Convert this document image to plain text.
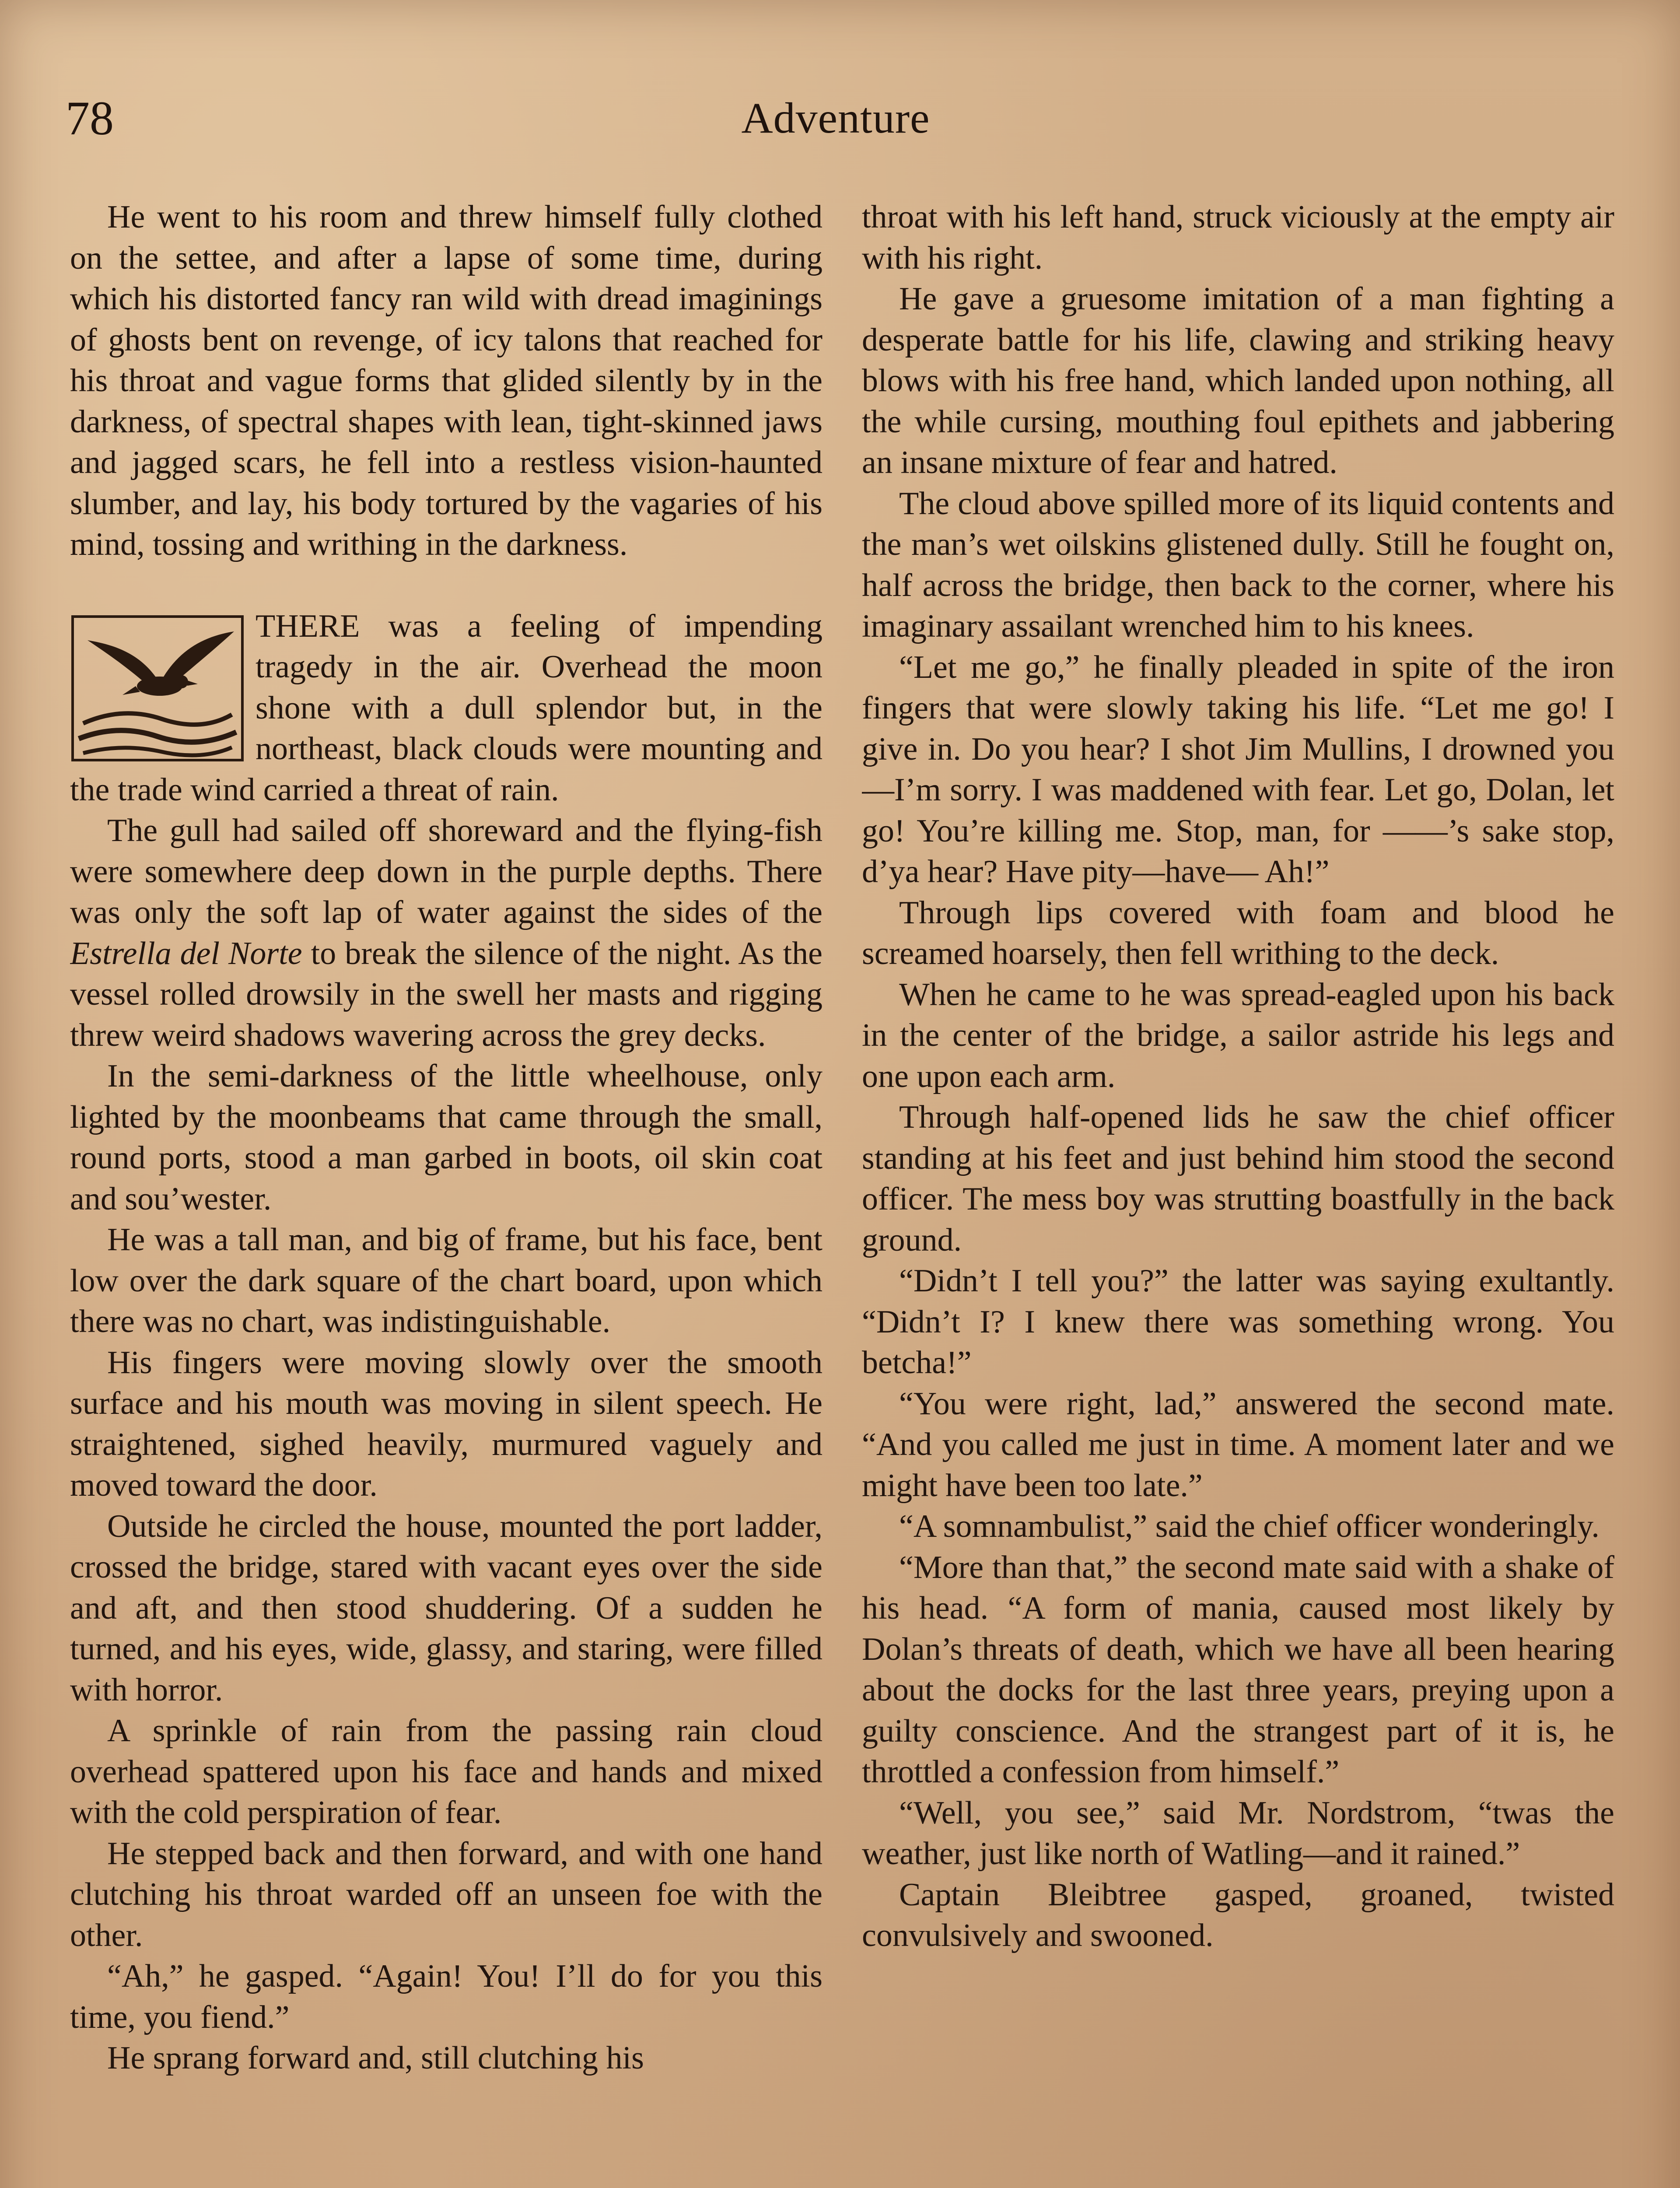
78	Adventure

He went to his room and threw himself fully clothed on the settee, and after a lapse of some time, during which his distorted fancy ran wild with dread imaginings of ghosts bent on revenge, of icy talons that reached for his throat and vague forms that glided silently by in the darkness, of spectral shapes with lean, tight-skinned jaws and jagged scars, he fell into a restless vision-haunted slumber, and lay, his body tortured by the vagaries of his mind, tossing and writhing in the darkness.

THERE was a feeling of impending tragedy in the air. Overhead the moon shone with a dull splendor but, in the northeast, black clouds were mounting and the trade wind carried a threat of rain.

The gull had sailed off shoreward and the flying-fish were somewhere deep down in the purple depths. There was only the soft lap of water against the sides of the Estrella del Norte to break the silence of the night. As the vessel rolled drowsily in the swell her masts and rigging threw weird shadows wavering across the grey decks.

In the semi-darkness of the little wheelhouse, only lighted by the moonbeams that came through the small, round ports, stood a man garbed in boots, oil skin coat and sou’wester.

He was a tall man, and big of frame, but his face, bent low over the dark square of the chart board, upon which there was no chart, was indistinguishable.

His fingers were moving slowly over the smooth surface and his mouth was moving in silent speech. He straightened, sighed heavily, murmured vaguely and moved toward the door.

Outside he circled the house, mounted the port ladder, crossed the bridge, stared with vacant eyes over the side and aft, and then stood shuddering. Of a sudden he turned, and his eyes, wide, glassy, and staring, were filled with horror.

A sprinkle of rain from the passing rain cloud overhead spattered upon his face and hands and mixed with the cold perspiration of fear.

He stepped back and then forward, and with one hand clutching his throat warded off an unseen foe with the other.

“Ah,” he gasped. “Again! You! I’ll do for you this time, you fiend.”

He sprang forward and, still clutching his

throat with his left hand, struck viciously at the empty air with his right.

He gave a gruesome imitation of a man fighting a desperate battle for his life, clawing and striking heavy blows with his free hand, which landed upon nothing, all the while cursing, mouthing foul epithets and jabbering an insane mixture of fear and hatred.

The cloud above spilled more of its liquid contents and the man’s wet oilskins glistened dully. Still he fought on, half across the bridge, then back to the corner, where his imaginary assailant wrenched him to his knees.

“Let me go,” he finally pleaded in spite of the iron fingers that were slowly taking his life. “Let me go! I give in. Do you hear? I shot Jim Mullins, I drowned you—I’m sorry. I was maddened with fear. Let go, Dolan, let go! You’re killing me. Stop, man, for ——’s sake stop, d’ya hear? Have pity—have— Ah!”

Through lips covered with foam and blood he screamed hoarsely, then fell writhing to the deck.

When he came to he was spread-eagled upon his back in the center of the bridge, a sailor astride his legs and one upon each arm.

Through half-opened lids he saw the chief officer standing at his feet and just behind him stood the second officer. The mess boy was strutting boastfully in the back ground.

“Didn’t I tell you?” the latter was saying exultantly. “Didn’t I? I knew there was something wrong. You betcha!”

“You were right, lad,” answered the second mate. “And you called me just in time. A moment later and we might have been too late.”

“A somnambulist,” said the chief officer wonderingly.

“More than that,” the second mate said with a shake of his head. “A form of mania, caused most likely by Dolan’s threats of death, which we have all been hearing about the docks for the last three years, preying upon a guilty conscience. And the strangest part of it is, he throttled a confession from himself.”

“Well, you see,” said Mr. Nordstrom, “twas the weather, just like north of Watling—and it rained.”

Captain Bleibtree gasped, groaned, twisted convulsively and swooned.
